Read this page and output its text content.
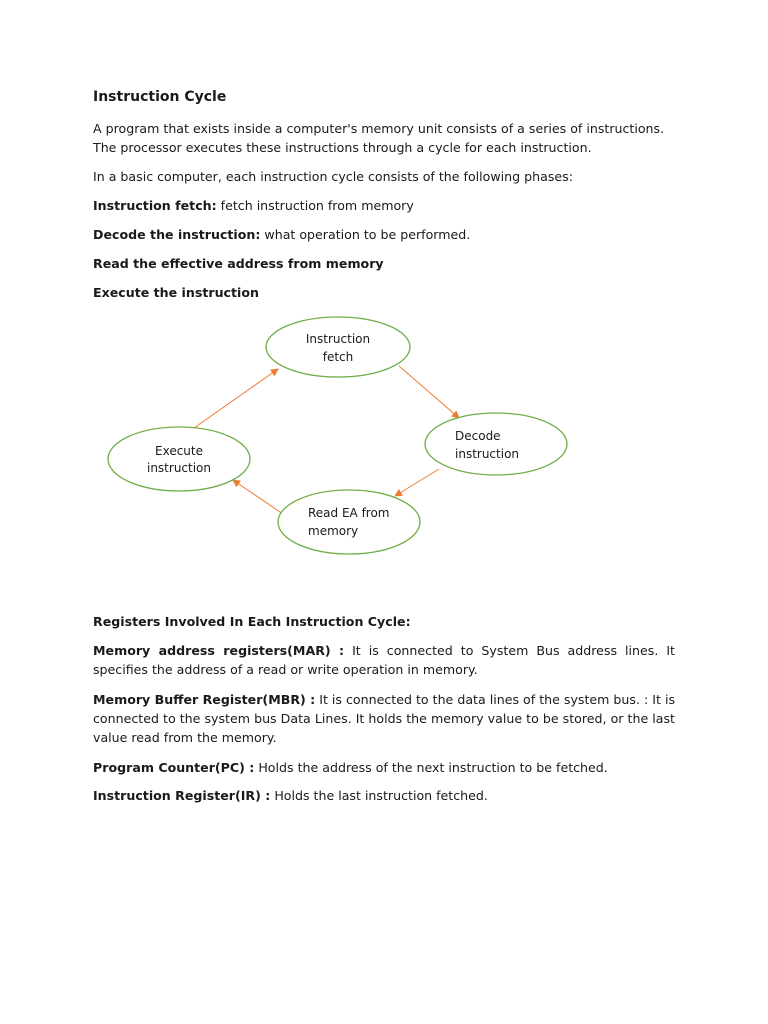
Instruction Cycle

A program that exists inside a computer's memory unit consists of a series of instructions. The processor executes these instructions through a cycle for each instruction.

In a basic computer, each instruction cycle consists of the following phases:

Instruction fetch: fetch instruction from memory

Decode the instruction: what operation to be performed.

Read the effective address from memory

Execute the instruction

Instruction
fetch
Decode
instruction
Read EA from
memory
Execute
instruction

Registers Involved In Each Instruction Cycle:

Memory address registers(MAR) : It is connected to System Bus address lines. It specifies the address of a read or write operation in memory.

Memory Buffer Register(MBR) : It is connected to the data lines of the system bus. : It is connected to the system bus Data Lines. It holds the memory value to be stored, or the last value read from the memory.

Program Counter(PC) : Holds the address of the next instruction to be fetched.

Instruction Register(IR) : Holds the last instruction fetched.
